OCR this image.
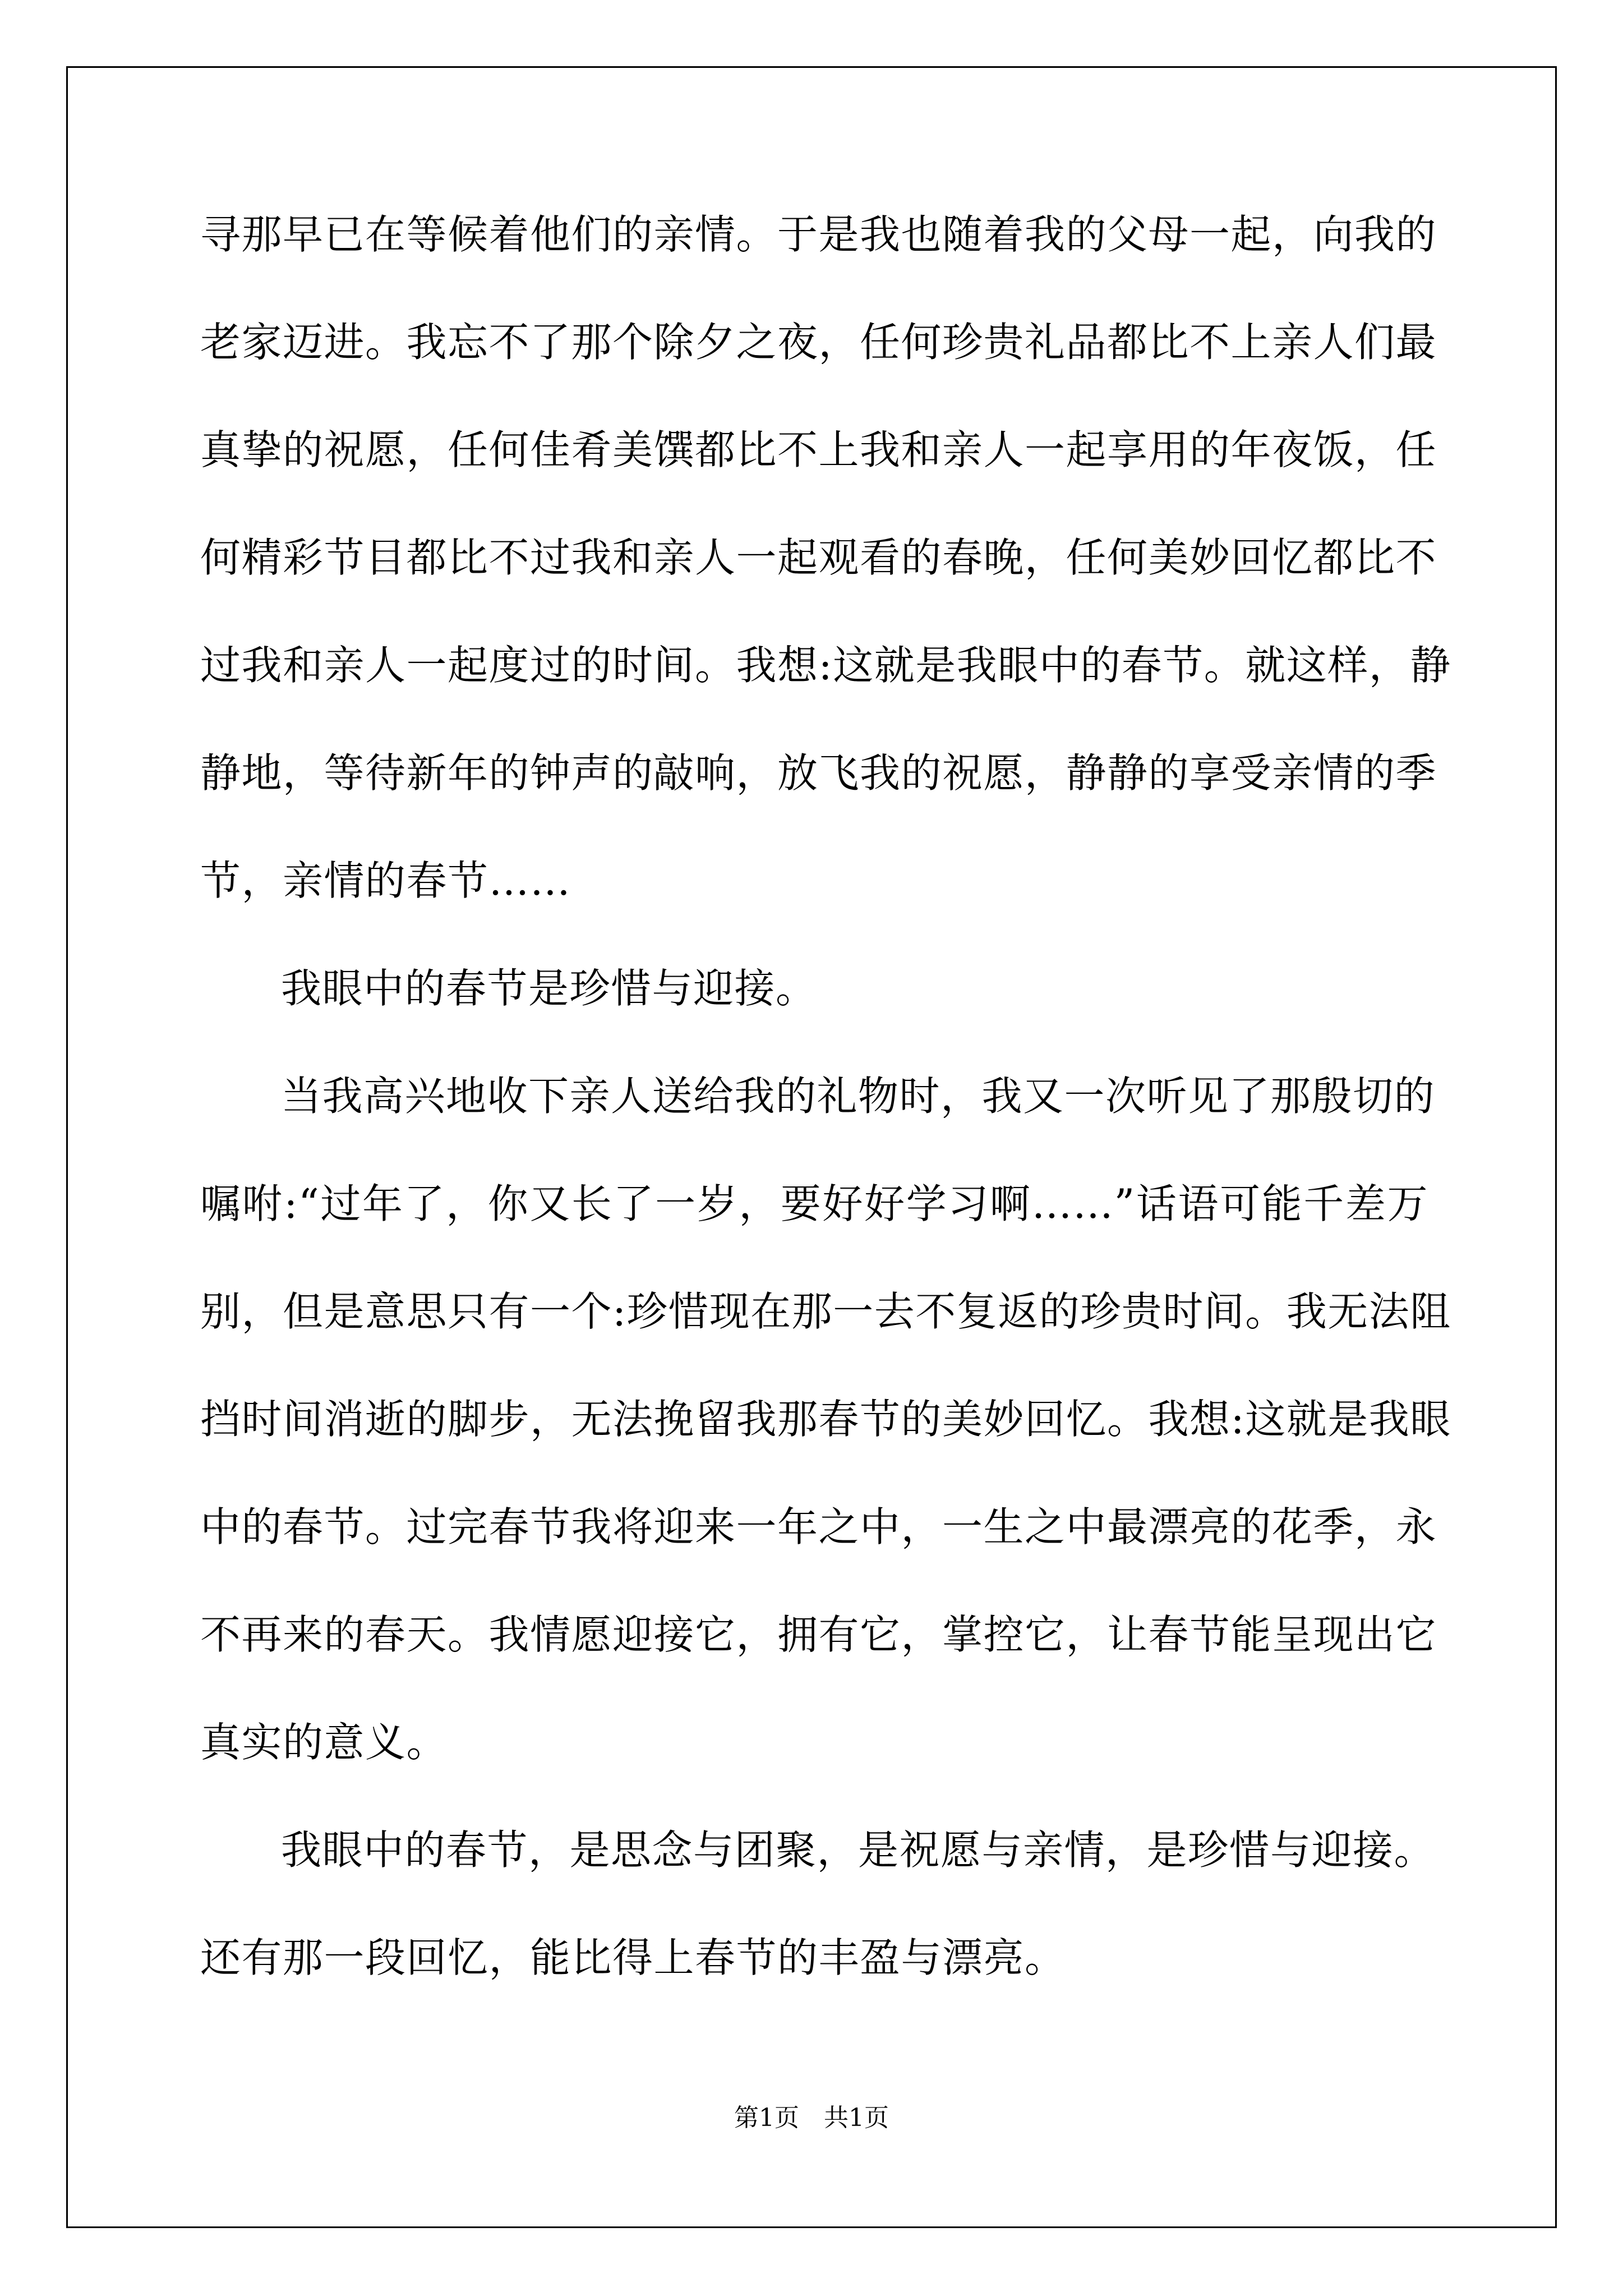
寻那早已在等候着他们的亲情。于是我也随着我的父母一起，向我的
老家迈进。我忘不了那个除夕之夜，任何珍贵礼品都比不上亲人们最
真挚的祝愿，任何佳肴美馔都比不上我和亲人一起享用的年夜饭，任
何精彩节目都比不过我和亲人一起观看的春晚，任何美妙回忆都比不
过我和亲人一起度过的时间。我想:这就是我眼中的春节。就这样，静
静地，等待新年的钟声的敲响，放飞我的祝愿，静静的享受亲情的季
节，亲情的春节……
我眼中的春节是珍惜与迎接。
当我高兴地收下亲人送给我的礼物时，我又一次听见了那殷切的
嘱咐:“过年了，你又长了一岁，要好好学习啊……”话语可能千差万
别，但是意思只有一个:珍惜现在那一去不复返的珍贵时间。我无法阻
挡时间消逝的脚步，无法挽留我那春节的美妙回忆。我想:这就是我眼
中的春节。过完春节我将迎来一年之中，一生之中最漂亮的花季，永
不再来的春天。我情愿迎接它，拥有它，掌控它，让春节能呈现出它
真实的意义。
我眼中的春节，是思念与团聚，是祝愿与亲情，是珍惜与迎接。
还有那一段回忆，能比得上春节的丰盈与漂亮。
第1页 共1页
